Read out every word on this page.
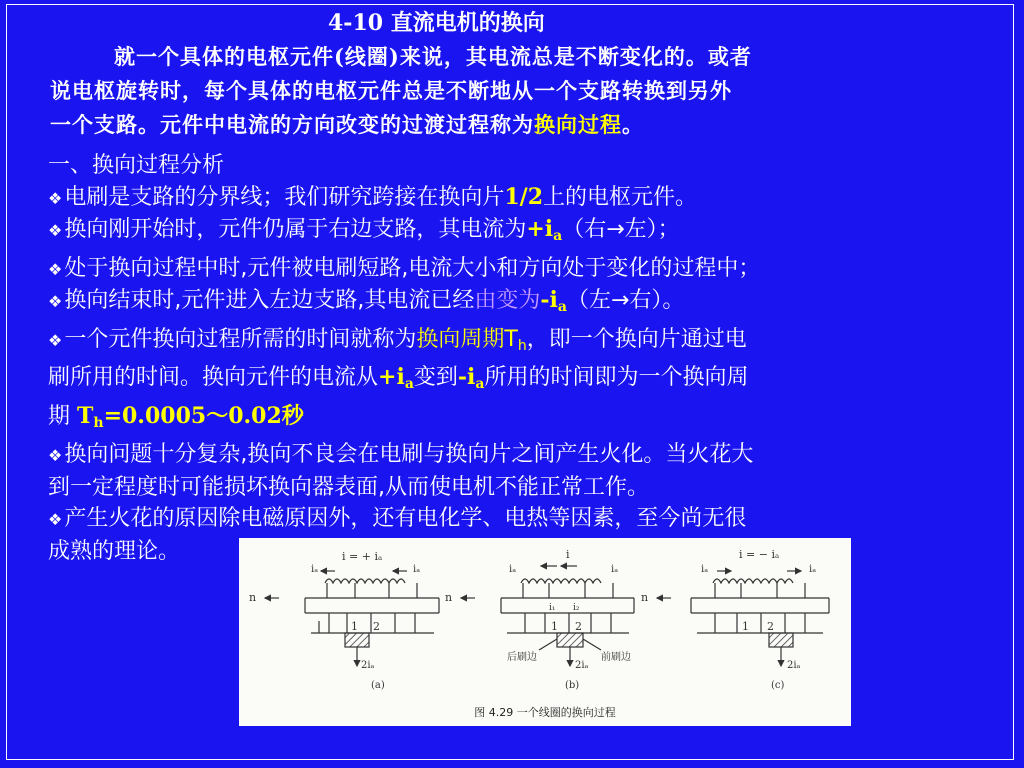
4-10 直流电机的换向
就一个具体的电枢元件(线圈)来说，其电流总是不断变化的。或者
说电枢旋转时，每个具体的电枢元件总是不断地从一个支路转换到另外
一个支路。元件中电流的方向改变的过渡过程称为换向过程。

一、换向过程分析

❖电刷是支路的分界线；我们研究跨接在换向片1/2上的电枢元件。

❖换向刚开始时，元件仍属于右边支路，其电流为$+i_a$（右→左）；

❖处于换向过程中时,元件被电刷短路,电流大小和方向处于变化的过程中；

❖换向结束时,元件进入左边支路,其电流已经由变为$-i_a$（左→右）。

❖一个元件换向过程所需的时间就称为换向周期$T_h$，即一个换向片通过电
刷所用的时间。换向元件的电流从$+i_a$变到$-i_a$所用的时间即为一个换向周
期 $T_h=0.0005\sim 0.02$秒

❖换向问题十分复杂,换向不良会在电刷与换向片之间产生火化。当火花大
到一定程度时可能损坏换向器表面,从而使电机不能正常工作。

❖产生火花的原因除电磁原因外，还有电化学、电热等因素，至今尚无很
成熟的理论。	i = + iₐ
iₐ	iₐ
n
1 2
2iₐ
(a)
i
iₐ	iₐ
i₁ i₂
n
1 2
后刷边	前刷边
2iₐ
(b)
i = − iₐ
iₐ	iₐ
n
1 2
2iₐ
(c)
图 4.29 一个线圈的换向过程
